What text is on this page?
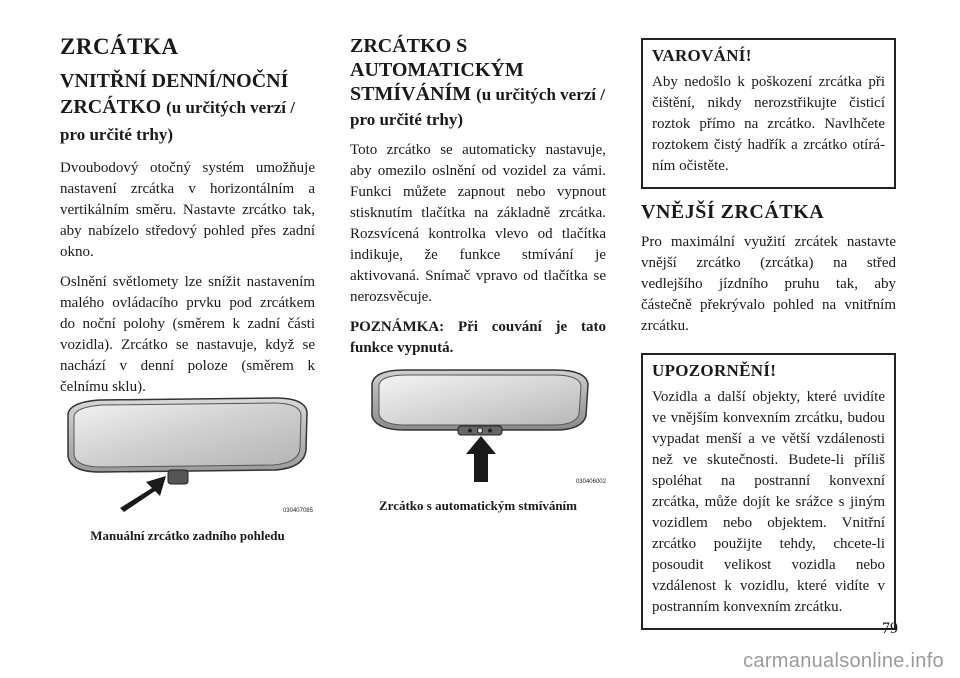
ZRCÁTKA
VNITŘNÍ DENNÍ/NOČNÍ ZRCÁTKO (u určitých verzí / pro určité trhy)

Dvoubodový otočný systém umožňuje nastavení zrcátka v horizontálním a vertikálním směru. Nastavte zrcátko tak, aby nabízelo středový pohled přes zadní okno.

Oslnění světlomety lze snížit nastavením malého ovládacího prvku pod zrcátkem do noční polohy (směrem k zadní části vozidla). Zrcátko se nastavuje, když se nachází v denní poloze (směrem k čelnímu sklu).

030407085
Manuální zrcátko zadního pohledu
ZRCÁTKO S AUTOMATICKÝM STMÍVÁNÍM (u určitých verzí / pro určité trhy)

Toto zrcátko se automaticky nastavuje, aby omezilo oslnění od vozidel za vámi. Funkci můžete zapnout nebo vypnout stisknutím tlačítka na základně zrcátka. Rozsvícená kontrolka vlevo od tlačítka indikuje, že funkce stmívání je aktivovaná. Snímač vpravo od tlačítka se nerozsvěcuje.

POZNÁMKA: Při couvání je tato funkce vypnutá.

030406002
Zrcátko s automatickým stmíváním
VAROVÁNÍ!

Aby nedošlo k poškození zrcátka při čištění, nikdy nerozstřikujte čisticí roztok přímo na zrcátko. Navlhčete roztokem čistý hadřík a zrcátko otírá-ním očistěte.

VNĚJŠÍ ZRCÁTKA

Pro maximální využití zrcátek nastavte vnější zrcátko (zrcátka) na střed vedlejšího jízdního pruhu tak, aby částečně překrývalo pohled na vnitřním zrcátku.

UPOZORNĚNÍ!

Vozidla a další objekty, které uvidíte ve vnějším konvexním zrcátku, budou vypadat menší a ve větší vzdálenosti než ve skutečnosti. Budete-li příliš spoléhat na postranní konvexní zrcátka, může dojít ke srážce s jiným vozidlem nebo objektem. Vnitřní zrcátko použijte tehdy, chcete-li posoudit velikost vozidla nebo vzdálenost k vozidlu, které vidíte v postranním konvexním zrcátku.

79
carmanualsonline.info
